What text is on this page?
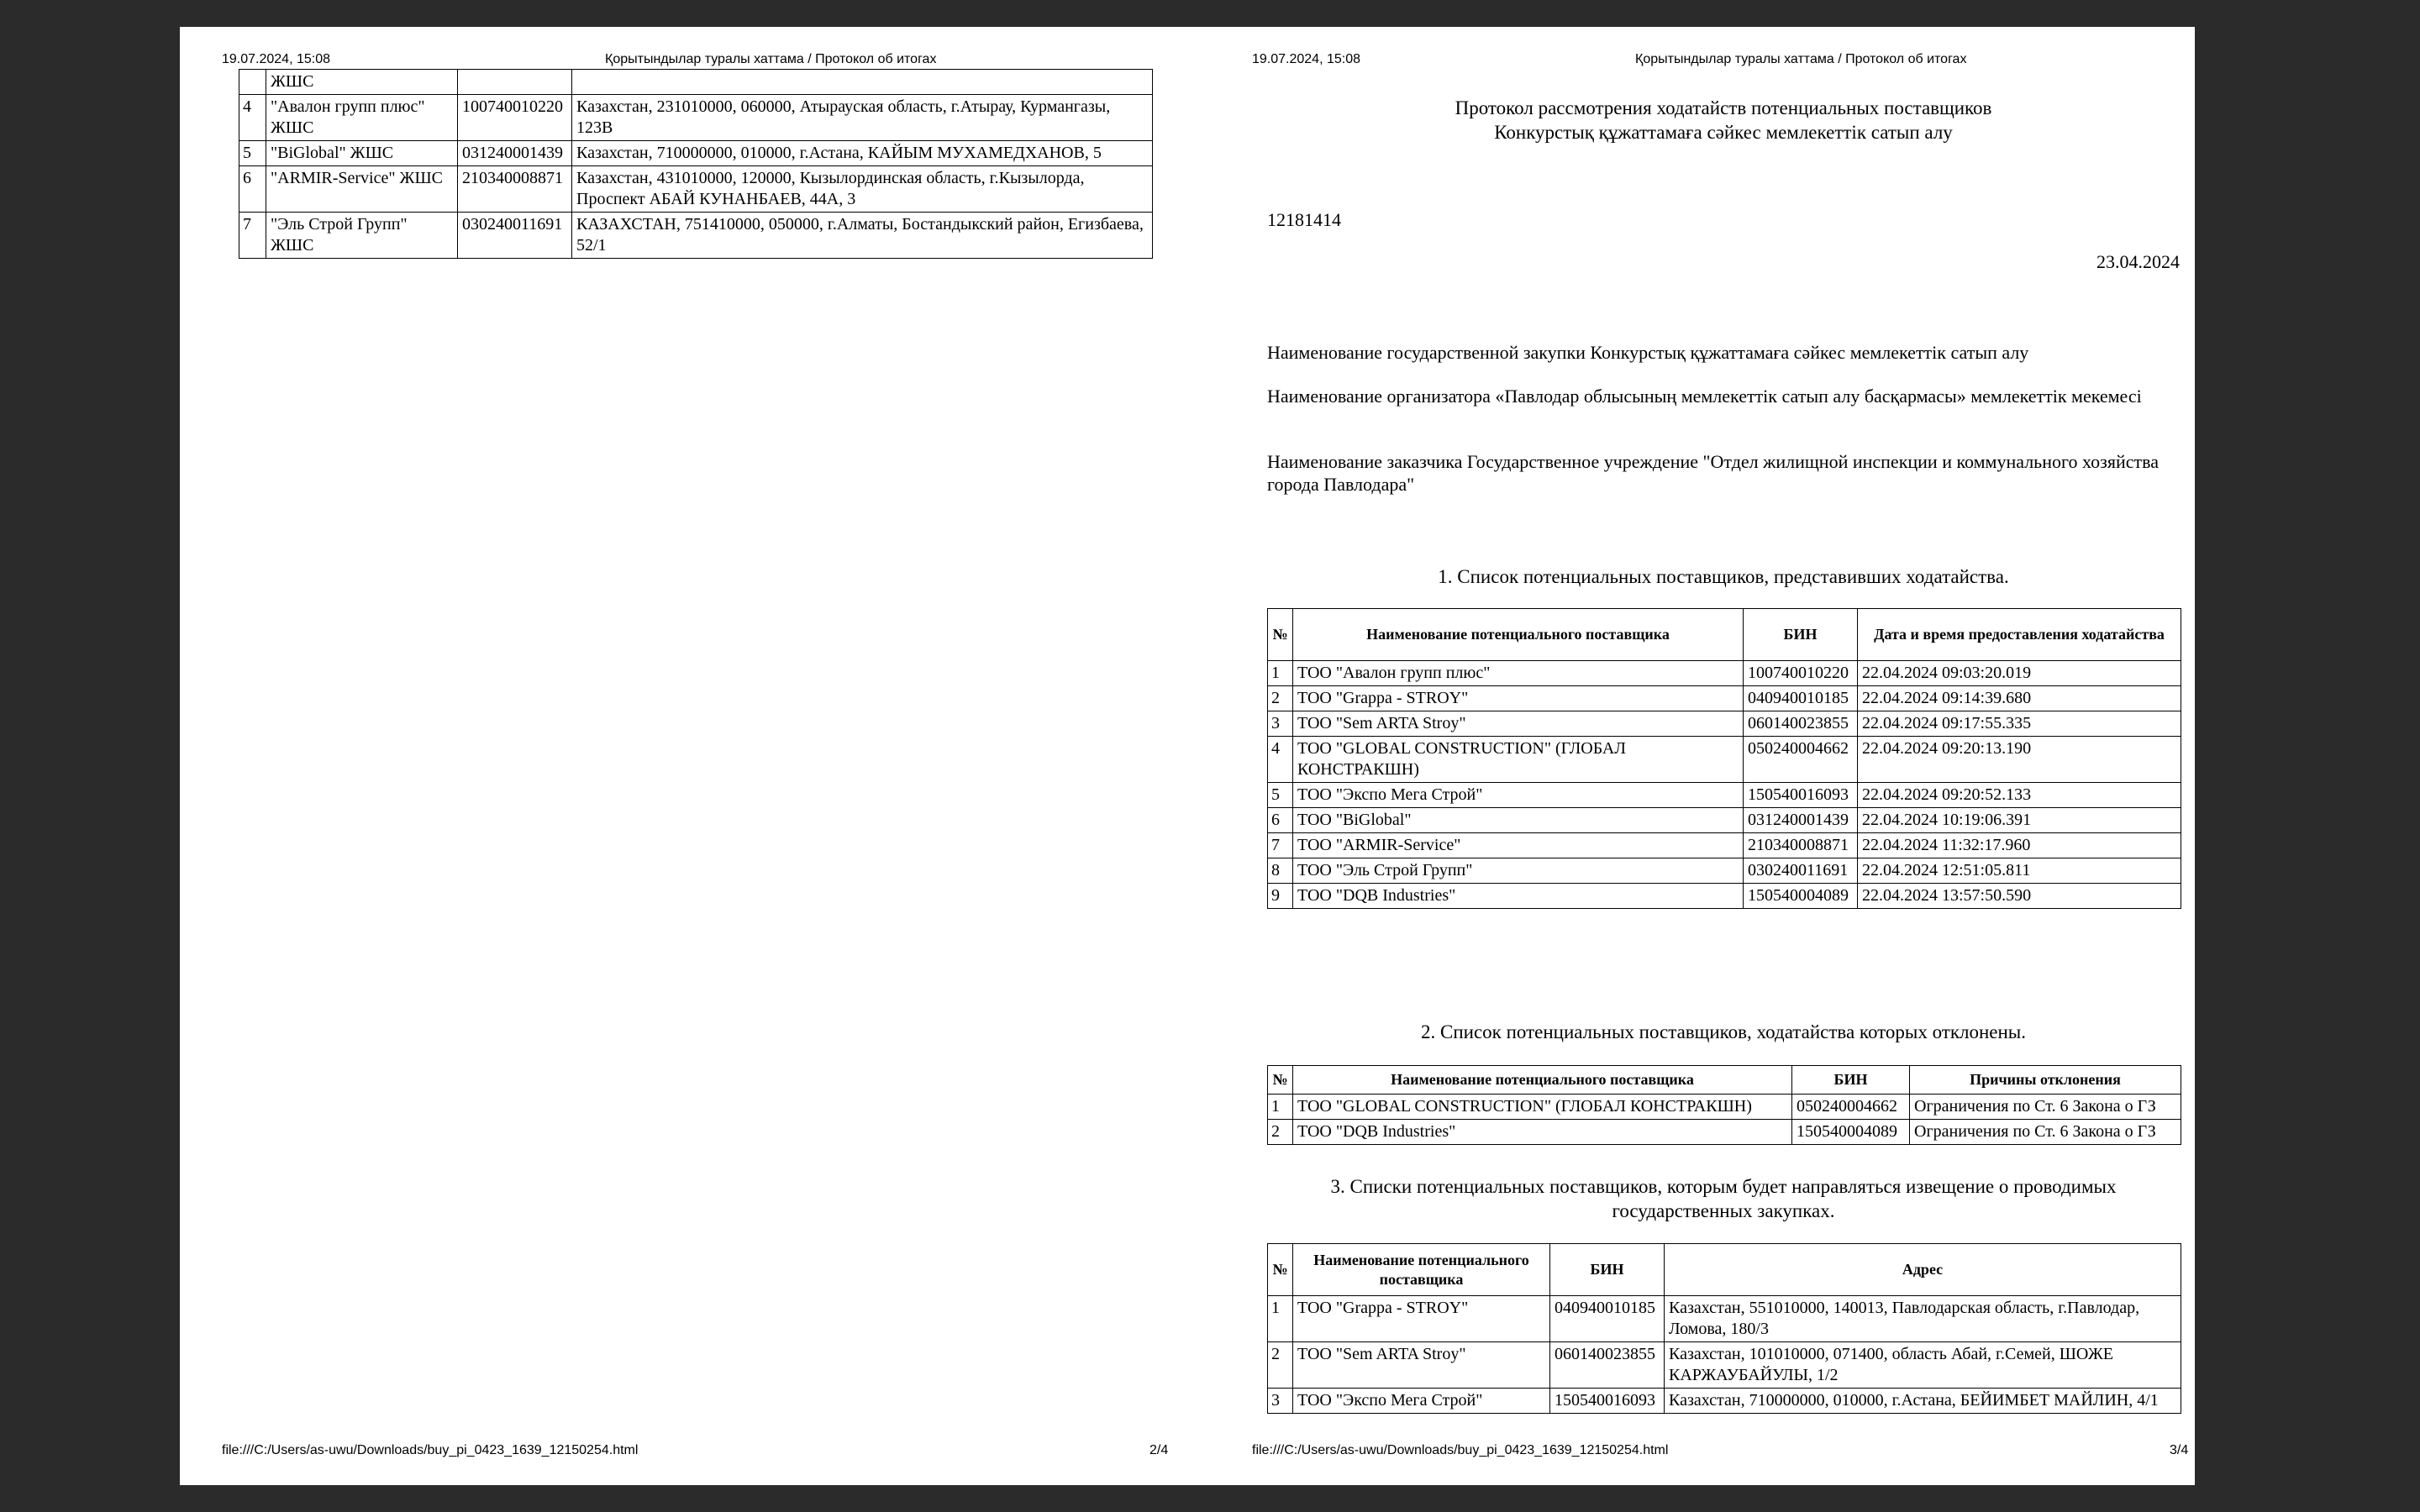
19.07.2024, 15:08	Қорытындылар туралы хаттама / Протокол об итогах
	ЖШС		
4	"Авалон групп плюс" ЖШС	100740010220	Казахстан, 231010000, 060000, Атырауская область, г.Атырау, Курмангазы, 123В
5	"BiGlobal" ЖШС	031240001439	Казахстан, 710000000, 010000, г.Астана, КАЙЫМ МУХАМЕДХАНОВ, 5
6	"ARMIR-Service" ЖШС	210340008871	Казахстан, 431010000, 120000, Кызылординская область, г.Кызылорда, Проспект АБАЙ КУНАНБАЕВ, 44А, 3
7	"Эль Строй Групп" ЖШС	030240011691	КАЗАХСТАН, 751410000, 050000, г.Алматы, Бостандыкский район, Егизбаева, 52/1
file:///C:/Users/as-uwu/Downloads/buy_pi_0423_1639_12150254.html	2/4
19.07.2024, 15:08	Қорытындылар туралы хаттама / Протокол об итогах
Протокол рассмотрения ходатайств потенциальных поставщиков
Конкурстық құжаттамаға сәйкес мемлекеттік сатып алу
12181414
23.04.2024
Наименование государственной закупки Конкурстық құжаттамаға сәйкес мемлекеттік сатып алу
Наименование организатора «Павлодар облысының мемлекеттік сатып алу басқармасы» мемлекеттік мекемесі
Наименование заказчика Государственное учреждение "Отдел жилищной инспекции и коммунального хозяйства города Павлодара"
1. Список потенциальных поставщиков, представивших ходатайства.
№	Наименование потенциального поставщика	БИН	Дата и время предоставления ходатайства
1	ТОО "Авалон групп плюс"	100740010220	22.04.2024 09:03:20.019
2	ТОО "Grappa - STROY"	040940010185	22.04.2024 09:14:39.680
3	ТОО "Sem ARTA Stroy"	060140023855	22.04.2024 09:17:55.335
4	ТОО "GLOBAL CONSTRUCTION" (ГЛОБАЛ КОНСТРАКШН)	050240004662	22.04.2024 09:20:13.190
5	ТОО "Экспо Мега Строй"	150540016093	22.04.2024 09:20:52.133
6	ТОО "BiGlobal"	031240001439	22.04.2024 10:19:06.391
7	ТОО "ARMIR-Service"	210340008871	22.04.2024 11:32:17.960
8	ТОО "Эль Строй Групп"	030240011691	22.04.2024 12:51:05.811
9	ТОО "DQB Industries"	150540004089	22.04.2024 13:57:50.590
2. Список потенциальных поставщиков, ходатайства которых отклонены.
№	Наименование потенциального поставщика	БИН	Причины отклонения
1	ТОО "GLOBAL CONSTRUCTION" (ГЛОБАЛ КОНСТРАКШН)	050240004662	Ограничения по Ст. 6 Закона о ГЗ
2	ТОО "DQB Industries"	150540004089	Ограничения по Ст. 6 Закона о ГЗ
3. Списки потенциальных поставщиков, которым будет направляться извещение о проводимых государственных закупках.
№	Наименование потенциального поставщика	БИН	Адрес
1	ТОО "Grappa - STROY"	040940010185	Казахстан, 551010000, 140013, Павлодарская область, г.Павлодар, Ломова, 180/3
2	ТОО "Sem ARTA Stroy"	060140023855	Казахстан, 101010000, 071400, область Абай, г.Семей, ШОЖЕ КАРЖАУБАЙУЛЫ, 1/2
3	ТОО "Экспо Мега Строй"	150540016093	Казахстан, 710000000, 010000, г.Астана, БЕЙИМБЕТ МАЙЛИН, 4/1
file:///C:/Users/as-uwu/Downloads/buy_pi_0423_1639_12150254.html	3/4
